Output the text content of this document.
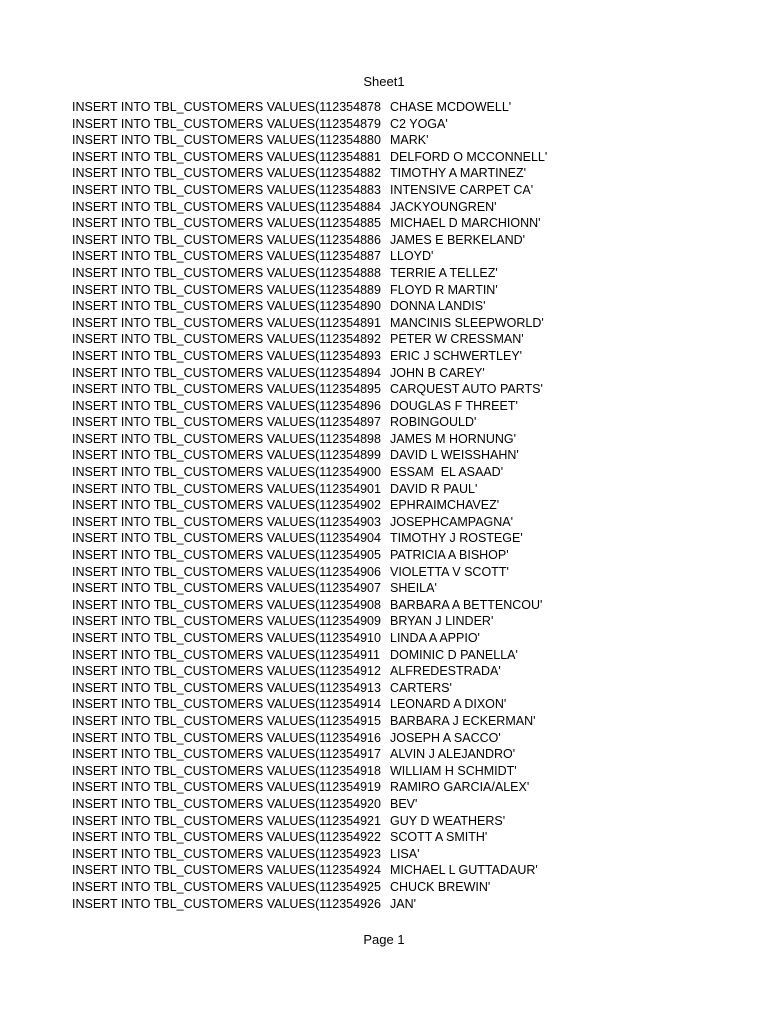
Sheet1
INSERT INTO TBL_CUSTOMERS VALUES(112354878 CHASE MCDOWELL'
INSERT INTO TBL_CUSTOMERS VALUES(112354879 C2 YOGA'
INSERT INTO TBL_CUSTOMERS VALUES(112354880 MARK'
INSERT INTO TBL_CUSTOMERS VALUES(112354881 DELFORD O MCCONNELL'
INSERT INTO TBL_CUSTOMERS VALUES(112354882 TIMOTHY A MARTINEZ'
INSERT INTO TBL_CUSTOMERS VALUES(112354883 INTENSIVE CARPET CA'
INSERT INTO TBL_CUSTOMERS VALUES(112354884 JACKYOUNGREN'
INSERT INTO TBL_CUSTOMERS VALUES(112354885 MICHAEL D MARCHIONN'
INSERT INTO TBL_CUSTOMERS VALUES(112354886 JAMES E BERKELAND'
INSERT INTO TBL_CUSTOMERS VALUES(112354887 LLOYD'
INSERT INTO TBL_CUSTOMERS VALUES(112354888 TERRIE A TELLEZ'
INSERT INTO TBL_CUSTOMERS VALUES(112354889 FLOYD R MARTIN'
INSERT INTO TBL_CUSTOMERS VALUES(112354890 DONNA LANDIS'
INSERT INTO TBL_CUSTOMERS VALUES(112354891 MANCINIS SLEEPWORLD'
INSERT INTO TBL_CUSTOMERS VALUES(112354892 PETER W CRESSMAN'
INSERT INTO TBL_CUSTOMERS VALUES(112354893 ERIC J SCHWERTLEY'
INSERT INTO TBL_CUSTOMERS VALUES(112354894 JOHN B CAREY'
INSERT INTO TBL_CUSTOMERS VALUES(112354895 CARQUEST AUTO PARTS'
INSERT INTO TBL_CUSTOMERS VALUES(112354896 DOUGLAS F THREET'
INSERT INTO TBL_CUSTOMERS VALUES(112354897 ROBINGOULD'
INSERT INTO TBL_CUSTOMERS VALUES(112354898 JAMES M HORNUNG'
INSERT INTO TBL_CUSTOMERS VALUES(112354899 DAVID L WEISSHAHN'
INSERT INTO TBL_CUSTOMERS VALUES(112354900 ESSAM  EL ASAAD'
INSERT INTO TBL_CUSTOMERS VALUES(112354901 DAVID R PAUL'
INSERT INTO TBL_CUSTOMERS VALUES(112354902 EPHRAIMCHAVEZ'
INSERT INTO TBL_CUSTOMERS VALUES(112354903 JOSEPHCAMPAGNA'
INSERT INTO TBL_CUSTOMERS VALUES(112354904 TIMOTHY J ROSTEGE'
INSERT INTO TBL_CUSTOMERS VALUES(112354905 PATRICIA A BISHOP'
INSERT INTO TBL_CUSTOMERS VALUES(112354906 VIOLETTA V SCOTT'
INSERT INTO TBL_CUSTOMERS VALUES(112354907 SHEILA'
INSERT INTO TBL_CUSTOMERS VALUES(112354908 BARBARA A BETTENCOU'
INSERT INTO TBL_CUSTOMERS VALUES(112354909 BRYAN J LINDER'
INSERT INTO TBL_CUSTOMERS VALUES(112354910 LINDA A APPIO'
INSERT INTO TBL_CUSTOMERS VALUES(112354911 DOMINIC D PANELLA'
INSERT INTO TBL_CUSTOMERS VALUES(112354912 ALFREDESTRADA'
INSERT INTO TBL_CUSTOMERS VALUES(112354913 CARTERS'
INSERT INTO TBL_CUSTOMERS VALUES(112354914 LEONARD A DIXON'
INSERT INTO TBL_CUSTOMERS VALUES(112354915 BARBARA J ECKERMAN'
INSERT INTO TBL_CUSTOMERS VALUES(112354916 JOSEPH A SACCO'
INSERT INTO TBL_CUSTOMERS VALUES(112354917 ALVIN J ALEJANDRO'
INSERT INTO TBL_CUSTOMERS VALUES(112354918 WILLIAM H SCHMIDT'
INSERT INTO TBL_CUSTOMERS VALUES(112354919 RAMIRO GARCIA/ALEX'
INSERT INTO TBL_CUSTOMERS VALUES(112354920 BEV'
INSERT INTO TBL_CUSTOMERS VALUES(112354921 GUY D WEATHERS'
INSERT INTO TBL_CUSTOMERS VALUES(112354922 SCOTT A SMITH'
INSERT INTO TBL_CUSTOMERS VALUES(112354923 LISA'
INSERT INTO TBL_CUSTOMERS VALUES(112354924 MICHAEL L GUTTADAUR'
INSERT INTO TBL_CUSTOMERS VALUES(112354925 CHUCK BREWIN'
INSERT INTO TBL_CUSTOMERS VALUES(112354926 JAN'
Page 1
